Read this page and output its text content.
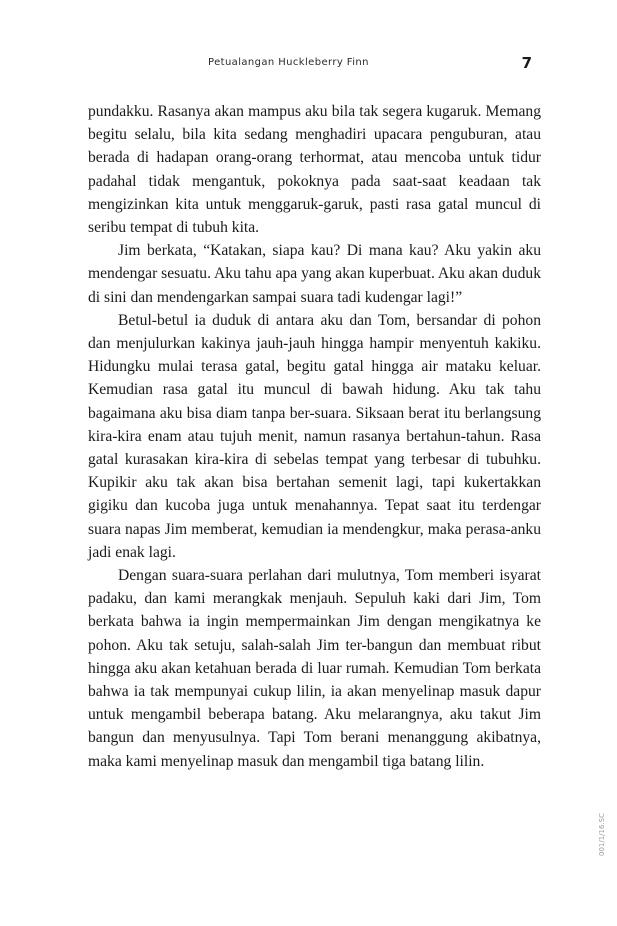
Petualangan Huckleberry Finn	7

pundakku. Rasanya akan mampus aku bila tak segera kugaruk. Memang begitu selalu, bila kita sedang menghadiri upacara penguburan, atau berada di hadapan orang-orang terhormat, atau mencoba untuk tidur padahal tidak mengantuk, pokoknya pada saat-saat keadaan tak mengizinkan kita untuk menggaruk-garuk, pasti rasa gatal muncul di seribu tempat di tubuh kita.

Jim berkata, “Katakan, siapa kau? Di mana kau? Aku yakin aku mendengar sesuatu. Aku tahu apa yang akan kuperbuat. Aku akan duduk di sini dan mendengarkan sampai suara tadi kudengar lagi!”

Betul-betul ia duduk di antara aku dan Tom, bersandar di pohon dan menjulurkan kakinya jauh-jauh hingga hampir menyentuh kakiku. Hidungku mulai terasa gatal, begitu gatal hingga air mataku keluar. Kemudian rasa gatal itu muncul di bawah hidung. Aku tak tahu bagaimana aku bisa diam tanpa ber-suara. Siksaan berat itu berlangsung kira-kira enam atau tujuh menit, namun rasanya bertahun-tahun. Rasa gatal kurasakan kira-kira di sebelas tempat yang terbesar di tubuhku. Kupikir aku tak akan bisa bertahan semenit lagi, tapi kukertakkan gigiku dan kucoba juga untuk menahannya. Tepat saat itu terdengar suara napas Jim memberat, kemudian ia mendengkur, maka perasa-anku jadi enak lagi.

Dengan suara-suara perlahan dari mulutnya, Tom memberi isyarat padaku, dan kami merangkak menjauh. Sepuluh kaki dari Jim, Tom berkata bahwa ia ingin mempermainkan Jim dengan mengikatnya ke pohon. Aku tak setuju, salah-salah Jim ter-bangun dan membuat ribut hingga aku akan ketahuan berada di luar rumah. Kemudian Tom berkata bahwa ia tak mempunyai cukup lilin, ia akan menyelinap masuk dapur untuk mengambil beberapa batang. Aku melarangnya, aku takut Jim bangun dan menyusulnya. Tapi Tom berani menanggung akibatnya, maka kami menyelinap masuk dan mengambil tiga batang lilin.

001/1/16.SC
